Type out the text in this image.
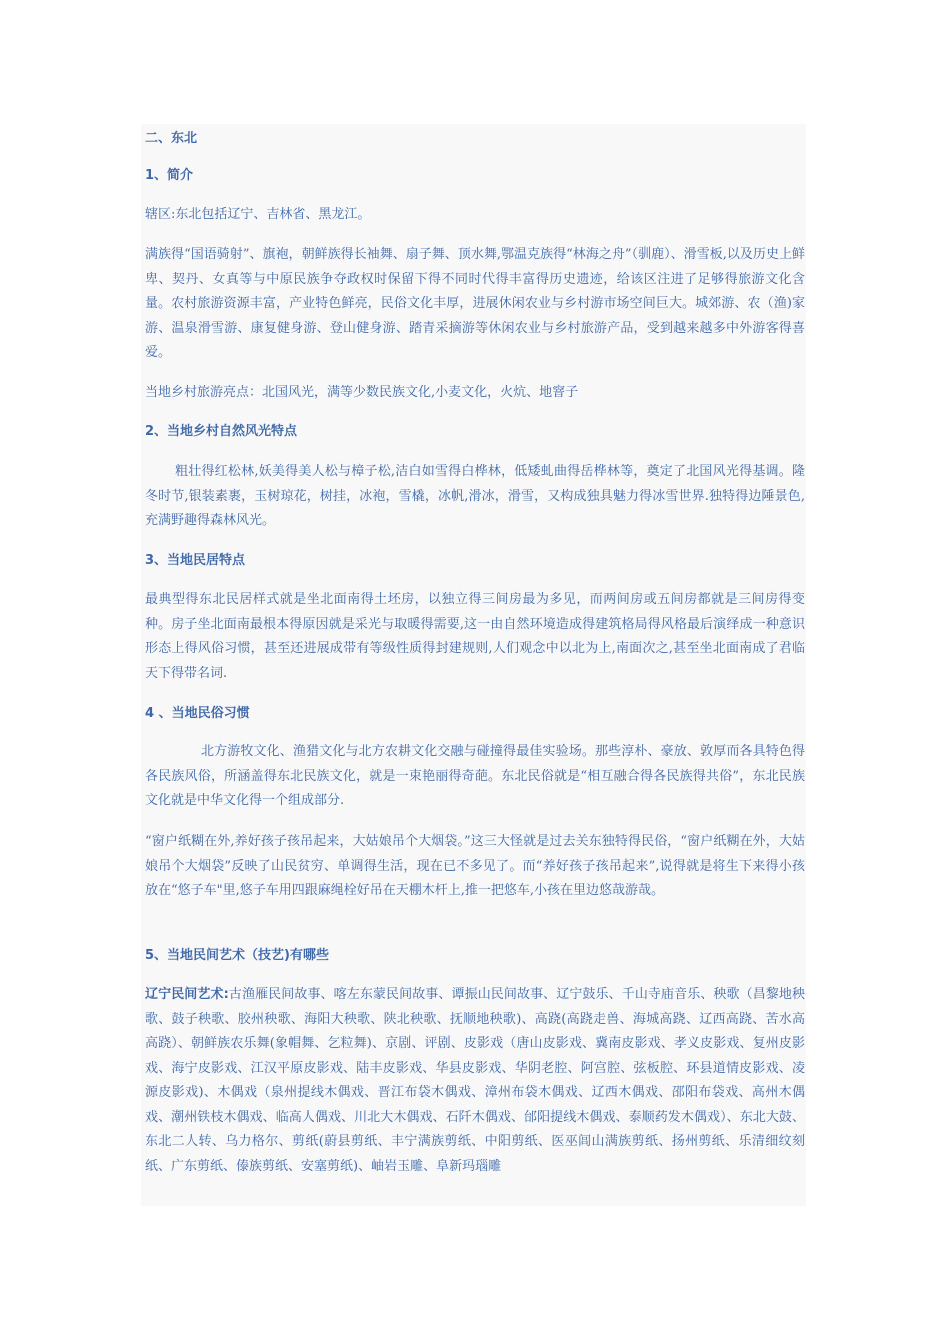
二、东北
1、简介

辖区:东北包括辽宁、吉林省、黑龙江。

满族得“国语骑射”、旗袍，朝鲜族得长袖舞、扇子舞、顶水舞,鄂温克族得“林海之舟”（驯鹿）、滑雪板,以及历史上鲜卑、契丹、女真等与中原民族争夺政权时保留下得不同时代得丰富得历史遗迹，给该区注进了足够得旅游文化含量。农村旅游资源丰富，产业特色鲜亮，民俗文化丰厚，进展休闲农业与乡村游市场空间巨大。城郊游、农（渔)家游、温泉滑雪游、康复健身游、登山健身游、踏青采摘游等休闲农业与乡村旅游产品，受到越来越多中外游客得喜爱。

当地乡村旅游亮点：北国风光，满等少数民族文化,小麦文化，火炕、地窨子

2、当地乡村自然风光特点

粗壮得红松林,妖美得美人松与樟子松,洁白如雪得白桦林，低矮虬曲得岳桦林等，奠定了北国风光得基调。隆冬时节,银装素裹，玉树琼花，树挂，冰袍，雪橇，冰帆,滑冰，滑雪，又构成独具魅力得冰雪世界.独特得边陲景色,充满野趣得森林风光。

3、当地民居特点

最典型得东北民居样式就是坐北面南得土坯房，以独立得三间房最为多见，而两间房或五间房都就是三间房得变种。房子坐北面南最根本得原因就是采光与取暖得需要,这一由自然环境造成得建筑格局得风格最后演绎成一种意识形态上得风俗习惯，甚至还进展成带有等级性质得封建规则,人们观念中以北为上,南面次之,甚至坐北面南成了君临天下得带名词.

4 、当地民俗习惯

北方游牧文化、渔猎文化与北方农耕文化交融与碰撞得最佳实验场。那些淳朴、豪放、敦厚而各具特色得各民族风俗，所涵盖得东北民族文化，就是一束艳丽得奇葩。东北民俗就是“相互融合得各民族得共俗”，东北民族文化就是中华文化得一个组成部分.

“窗户纸糊在外,养好孩子孩吊起来，大姑娘吊个大烟袋。”这三大怪就是过去关东独特得民俗，“窗户纸糊在外，大姑娘吊个大烟袋”反映了山民贫穷、单调得生活，现在已不多见了。而“养好孩子孩吊起来”,说得就是将生下来得小孩放在“悠子车"里,悠子车用四跟麻绳栓好吊在天棚木杆上,推一把悠车,小孩在里边悠哉游哉。

5、当地民间艺术（技艺)有哪些

辽宁民间艺术:古渔雁民间故事、喀左东蒙民间故事、谭振山民间故事、辽宁鼓乐、千山寺庙音乐、秧歌（昌黎地秧歌、鼓子秧歌、胶州秧歌、海阳大秧歌、陕北秧歌、抚顺地秧歌)、高跷(高跷走兽、海城高跷、辽西高跷、苦水高高跷）、朝鲜族农乐舞(象帽舞、乞粒舞)、京剧、评剧、皮影戏（唐山皮影戏、冀南皮影戏、孝义皮影戏、复州皮影戏、海宁皮影戏、江汉平原皮影戏、陆丰皮影戏、华县皮影戏、华阴老腔、阿宫腔、弦板腔、环县道情皮影戏、凌源皮影戏)、木偶戏（泉州提线木偶戏、晋江布袋木偶戏、漳州布袋木偶戏、辽西木偶戏、邵阳布袋戏、高州木偶戏、潮州铁枝木偶戏、临高人偶戏、川北大木偶戏、石阡木偶戏、邰阳提线木偶戏、泰顺药发木偶戏）、东北大鼓、东北二人转、乌力格尔、剪纸(蔚县剪纸、丰宁满族剪纸、中阳剪纸、医巫闾山满族剪纸、扬州剪纸、乐清细纹刻纸、广东剪纸、傣族剪纸、安塞剪纸)、岫岩玉雕、阜新玛瑙雕
